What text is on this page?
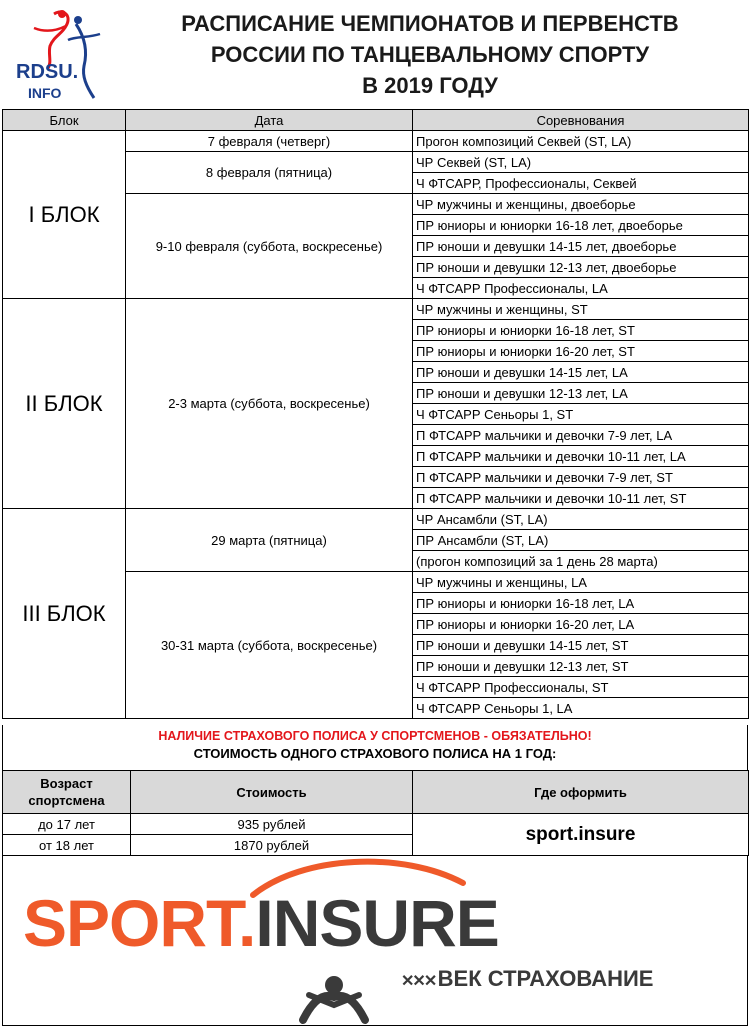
RDSU.
INFO
РАСПИСАНИЕ ЧЕМПИОНАТОВ И ПЕРВЕНСТВ
РОССИИ ПО ТАНЦЕВАЛЬНОМУ СПОРТУ
В 2019 ГОДУ
Блок	Дата	Соревнования
I БЛОК	7 февраля (четверг)	Прогон композиций Секвей (ST, LA)
	8 февраля (пятница)	ЧР Секвей (ST, LA)
		Ч ФТСАРР, Профессионалы, Секвей
	9-10 февраля (суббота, воскресенье)	ЧР мужчины и женщины, двоеборье
		ПР юниоры и юниорки 16-18 лет, двоеборье
		ПР юноши и девушки 14-15 лет, двоеборье
		ПР юноши и девушки 12-13 лет, двоеборье
		Ч ФТСАРР Профессионалы, LA
II БЛОК	2-3 марта (суббота, воскресенье)	ЧР мужчины и женщины, ST
		ПР юниоры и юниорки 16-18 лет, ST
		ПР юниоры и юниорки 16-20 лет, ST
		ПР юноши и девушки 14-15 лет, LA
		ПР юноши и девушки 12-13 лет, LA
		Ч ФТСАРР Сеньоры 1, ST
		П ФТСАРР мальчики и девочки 7-9 лет, LA
		П ФТСАРР мальчики и девочки 10-11 лет, LA
		П ФТСАРР мальчики и девочки 7-9 лет, ST
		П ФТСАРР мальчики и девочки 10-11 лет, ST
III БЛОК	29 марта (пятница)	ЧР Ансамбли (ST, LA)
		ПР Ансамбли (ST, LA)
		(прогон композиций за 1 день 28 марта)
	30-31 марта (суббота, воскресенье)	ЧР мужчины и женщины, LA
		ПР юниоры и юниорки 16-18 лет, LA
		ПР юниоры и юниорки 16-20 лет, LA
		ПР юноши и девушки 14-15 лет, ST
		ПР юноши и девушки 12-13 лет, ST
		Ч ФТСАРР Профессионалы, ST
		Ч ФТСАРР Сеньоры 1, LA
НАЛИЧИЕ СТРАХОВОГО ПОЛИСА У СПОРТСМЕНОВ - ОБЯЗАТЕЛЬНО!
СТОИМОСТЬ ОДНОГО СТРАХОВОГО ПОЛИСА НА 1 ГОД:
Возраст спортсмена	Стоимость	Где оформить
до 17 лет	935 рублей	sport.insure
от 18 лет	1870 рублей	
SPORT.INSURE
✕✕✕ ВЕК СТРАХОВАНИЕ
